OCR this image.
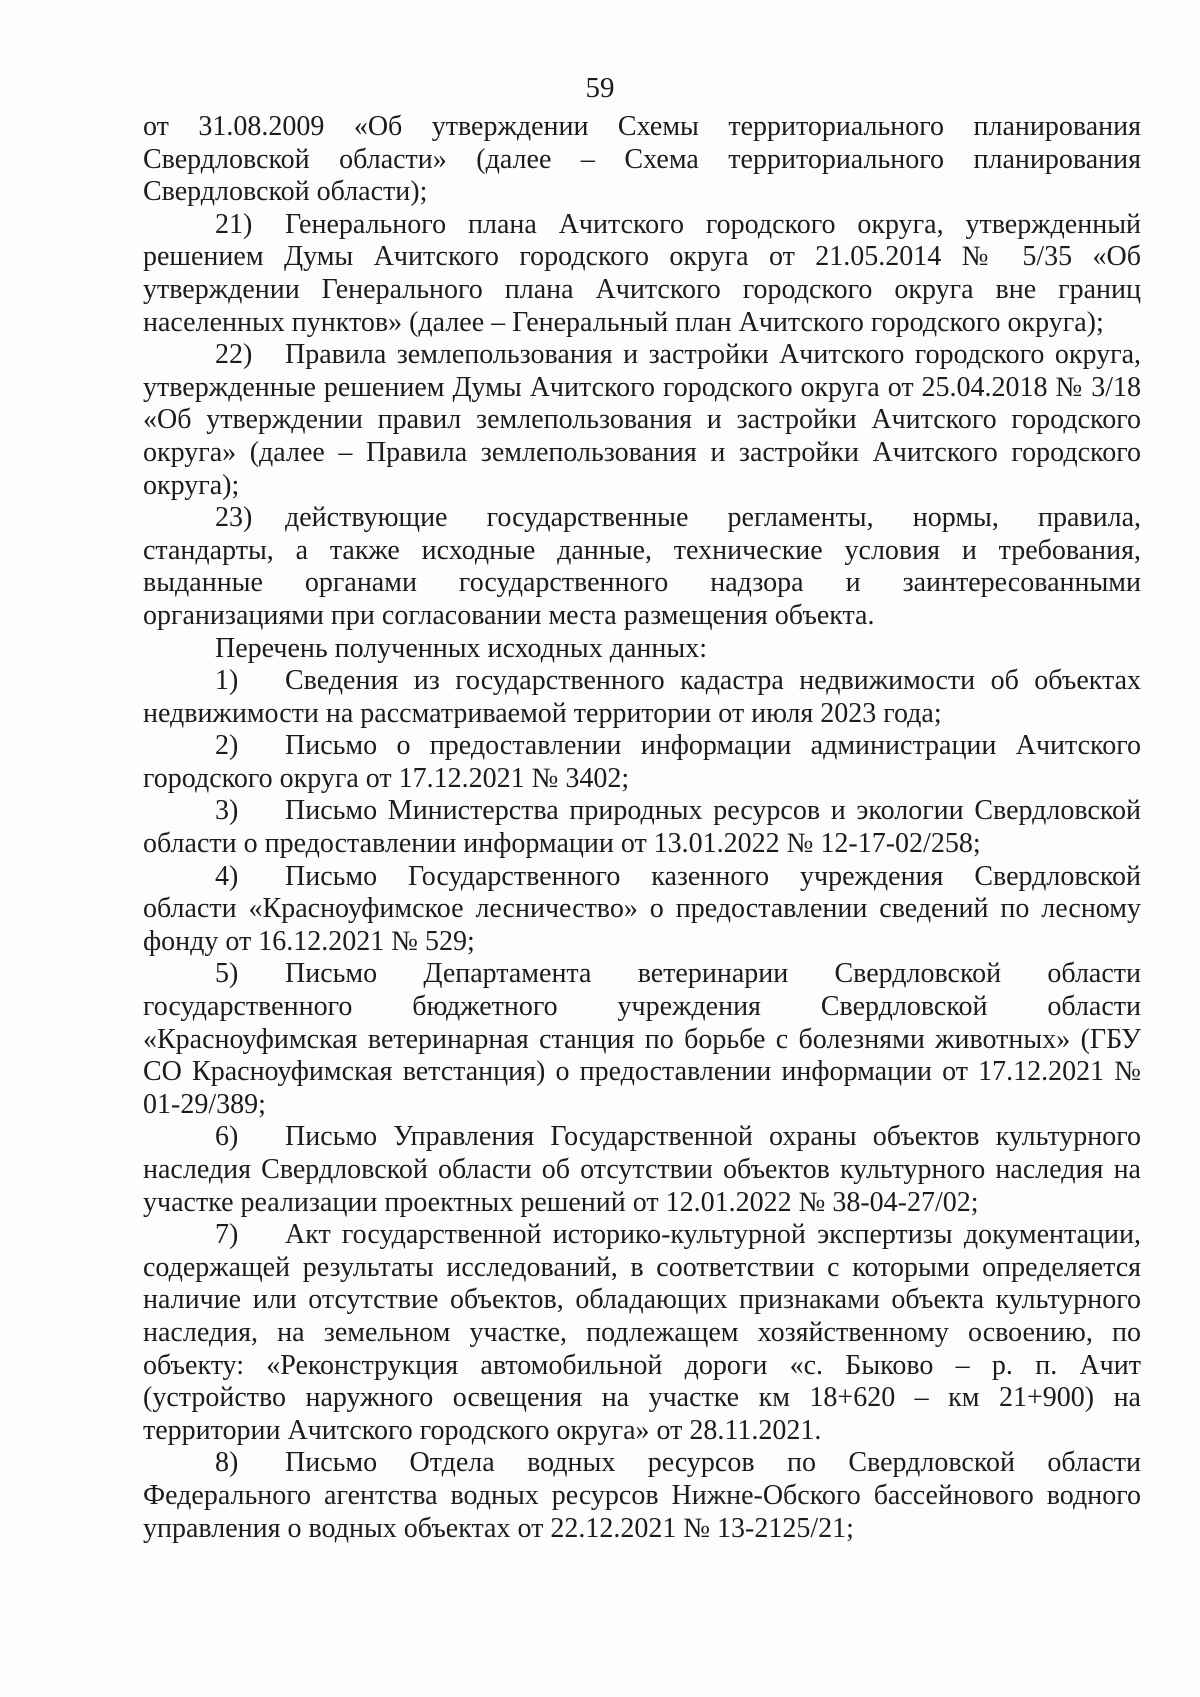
59

от 31.08.2009 «Об утверждении Схемы территориального планирования Свердловской области» (далее – Схема территориального планирования Свердловской области);

21) Генерального плана Ачитского городского округа, утвержденный решением Думы Ачитского городского округа от 21.05.2014 № 5/35 «Об утверждении Генерального плана Ачитского городского округа вне границ населенных пунктов» (далее – Генеральный план Ачитского городского округа);

22) Правила землепользования и застройки Ачитского городского округа, утвержденные решением Думы Ачитского городского округа от 25.04.2018 № 3/18 «Об утверждении правил землепользования и застройки Ачитского городского округа» (далее – Правила землепользования и застройки Ачитского городского округа);

23) действующие государственные регламенты, нормы, правила, стандарты, а также исходные данные, технические условия и требования, выданные органами государственного надзора и заинтересованными организациями при согласовании места размещения объекта.

Перечень полученных исходных данных:

1) Сведения из государственного кадастра недвижимости об объектах недвижимости на рассматриваемой территории от июля 2023 года;

2) Письмо о предоставлении информации администрации Ачитского городского округа от 17.12.2021 № 3402;

3) Письмо Министерства природных ресурсов и экологии Свердловской области о предоставлении информации от 13.01.2022 № 12-17-02/258;

4) Письмо Государственного казенного учреждения Свердловской области «Красноуфимское лесничество» о предоставлении сведений по лесному фонду от 16.12.2021 № 529;

5) Письмо Департамента ветеринарии Свердловской области государственного бюджетного учреждения Свердловской области «Красноуфимская ветеринарная станция по борьбе с болезнями животных» (ГБУ СО Красноуфимская ветстанция) о предоставлении информации от 17.12.2021 № 01-29/389;

6) Письмо Управления Государственной охраны объектов культурного наследия Свердловской области об отсутствии объектов культурного наследия на участке реализации проектных решений от 12.01.2022 № 38-04-27/02;

7) Акт государственной историко-культурной экспертизы документации, содержащей результаты исследований, в соответствии с которыми определяется наличие или отсутствие объектов, обладающих признаками объекта культурного наследия, на земельном участке, подлежащем хозяйственному освоению, по объекту: «Реконструкция автомобильной дороги «с. Быково – р. п. Ачит (устройство наружного освещения на участке км 18+620 – км 21+900) на территории Ачитского городского округа» от 28.11.2021.

8) Письмо Отдела водных ресурсов по Свердловской области Федерального агентства водных ресурсов Нижне-Обского бассейнового водного управления о водных объектах от 22.12.2021 № 13-2125/21;
